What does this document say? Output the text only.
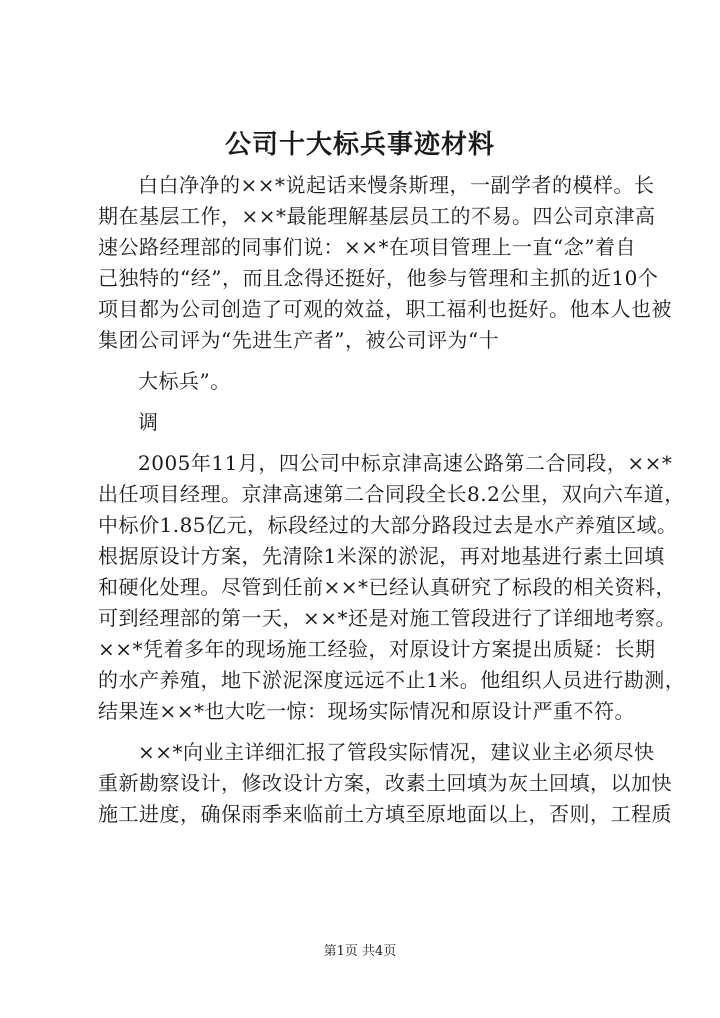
公司十大标兵事迹材料
白白净净的××*说起话来慢条斯理，一副学者的模样。长
期在基层工作，××*最能理解基层员工的不易。四公司京津高
速公路经理部的同事们说：××*在项目管理上一直“念”着自
己独特的“经”，而且念得还挺好，他参与管理和主抓的近10个
项目都为公司创造了可观的效益，职工福利也挺好。他本人也被
集团公司评为“先进生产者”，被公司评为“十
大标兵”。
调
2005年11月，四公司中标京津高速公路第二合同段，××*
出任项目经理。京津高速第二合同段全长8.2公里，双向六车道，
中标价1.85亿元，标段经过的大部分路段过去是水产养殖区域。
根据原设计方案，先清除1米深的淤泥，再对地基进行素土回填
和硬化处理。尽管到任前××*已经认真研究了标段的相关资料，
可到经理部的第一天，××*还是对施工管段进行了详细地考察。
××*凭着多年的现场施工经验，对原设计方案提出质疑：长期
的水产养殖，地下淤泥深度远远不止1米。他组织人员进行勘测，
结果连××*也大吃一惊：现场实际情况和原设计严重不符。
××*向业主详细汇报了管段实际情况，建议业主必须尽快
重新勘察设计，修改设计方案，改素土回填为灰土回填，以加快
施工进度，确保雨季来临前土方填至原地面以上，否则，工程质
第1页 共4页
